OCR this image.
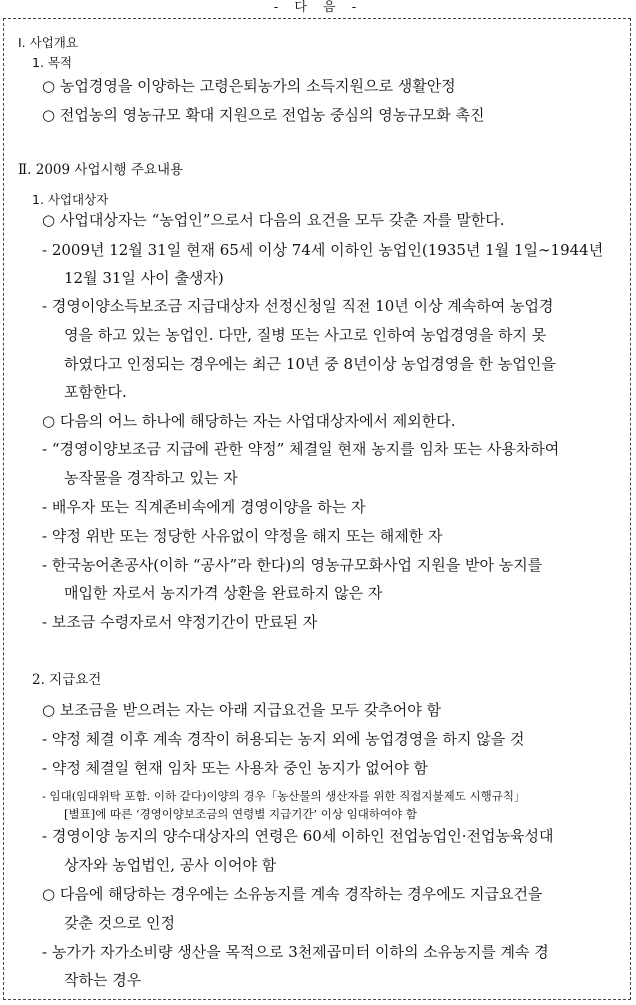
- 다 음 -
Ⅰ. 사업개요
1. 목적
○ 농업경영을 이양하는 고령은퇴농가의 소득지원으로 생활안정
○ 전업농의 영농규모 확대 지원으로 전업농 중심의 영농규모화 촉진
Ⅱ. 2009 사업시행 주요내용
1. 사업대상자
○ 사업대상자는 “농업인”으로서 다음의 요건을 모두 갖춘 자를 말한다.
- 2009년 12월 31일 현재 65세 이상 74세 이하인 농업인(1935년 1월 1일∼1944년
12월 31일 사이 출생자)
- 경영이양소득보조금 지급대상자 선정신청일 직전 10년 이상 계속하여 농업경
영을 하고 있는 농업인. 다만, 질병 또는 사고로 인하여 농업경영을 하지 못
하였다고 인정되는 경우에는 최근 10년 중 8년이상 농업경영을 한 농업인을
포함한다.
○ 다음의 어느 하나에 해당하는 자는 사업대상자에서 제외한다.
- “경영이양보조금 지급에 관한 약정” 체결일 현재 농지를 임차 또는 사용차하여
농작물을 경작하고 있는 자
- 배우자 또는 직계존비속에게 경영이양을 하는 자
- 약정 위반 또는 정당한 사유없이 약정을 해지 또는 해제한 자
- 한국농어촌공사(이하 “공사”라 한다)의 영농규모화사업 지원을 받아 농지를
매입한 자로서 농지가격 상환을 완료하지 않은 자
- 보조금 수령자로서 약정기간이 만료된 자
2. 지급요건
○ 보조금을 받으려는 자는 아래 지급요건을 모두 갖추어야 함
- 약정 체결 이후 계속 경작이 허용되는 농지 외에 농업경영을 하지 않을 것
- 약정 체결일 현재 임차 또는 사용차 중인 농지가 없어야 함
- 임대(임대위탁 포함. 이하 같다)이양의 경우「농산물의 생산자를 위한 직접지불제도 시행규칙」
[별표]에 따른 ‘경영이양보조금의 연령별 지급기간’ 이상 임대하여야 함
- 경영이양 농지의 양수대상자의 연령은 60세 이하인 전업농업인·전업농육성대
상자와 농업법인, 공사 이어야 함
○ 다음에 해당하는 경우에는 소유농지를 계속 경작하는 경우에도 지급요건을
갖춘 것으로 인정
- 농가가 자가소비량 생산을 목적으로 3천제곱미터 이하의 소유농지를 계속 경
작하는 경우
